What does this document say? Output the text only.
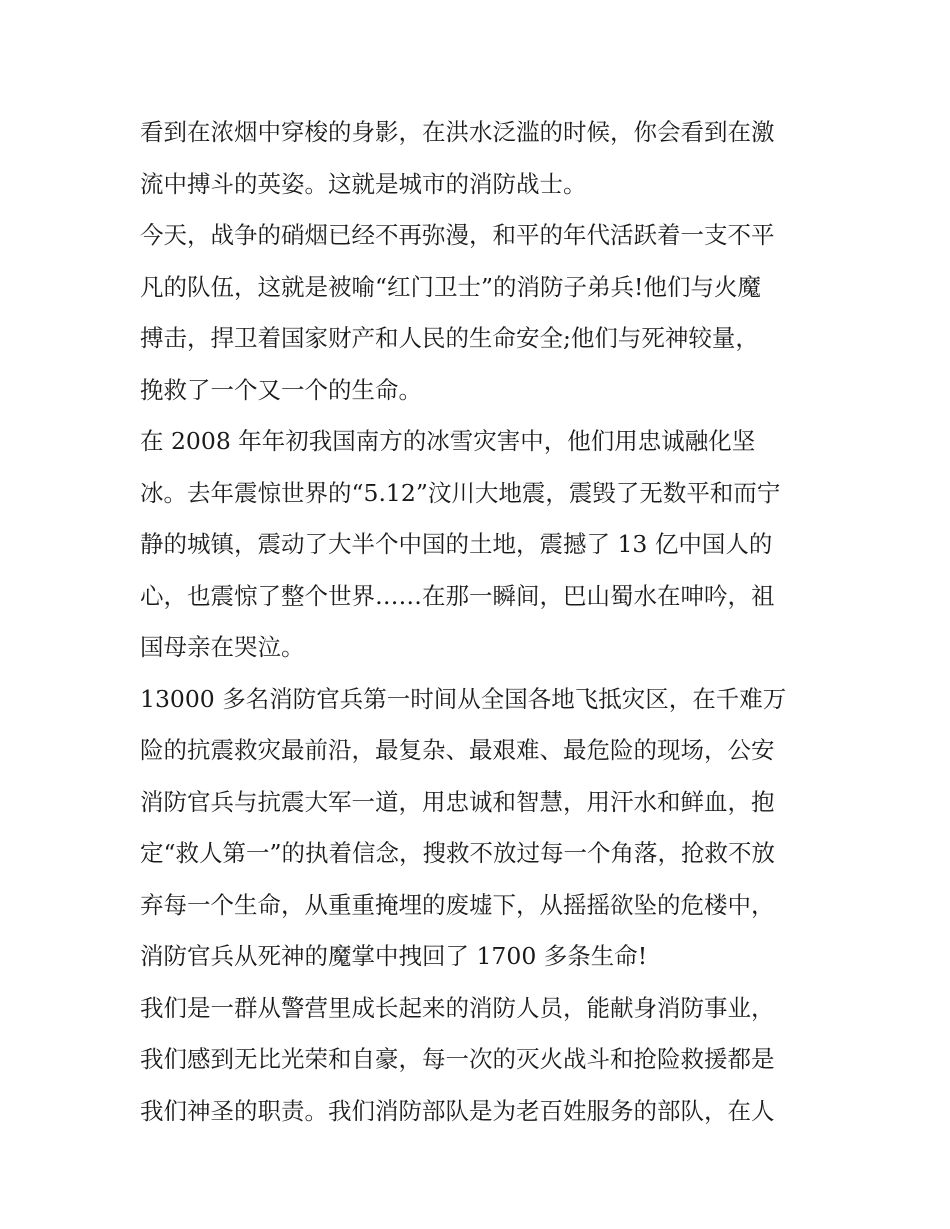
看到在浓烟中穿梭的身影，在洪水泛滥的时候，你会看到在激
流中搏斗的英姿。这就是城市的消防战士。
今天，战争的硝烟已经不再弥漫，和平的年代活跃着一支不平
凡的队伍，这就是被喻“红门卫士”的消防子弟兵!他们与火魔
搏击，捍卫着国家财产和人民的生命安全;他们与死神较量，
挽救了一个又一个的生命。
在 2008 年年初我国南方的冰雪灾害中，他们用忠诚融化坚
冰。去年震惊世界的“5.12”汶川大地震，震毁了无数平和而宁
静的城镇，震动了大半个中国的土地，震撼了 13 亿中国人的
心，也震惊了整个世界……在那一瞬间，巴山蜀水在呻吟，祖
国母亲在哭泣。
13000 多名消防官兵第一时间从全国各地飞抵灾区，在千难万
险的抗震救灾最前沿，最复杂、最艰难、最危险的现场，公安
消防官兵与抗震大军一道，用忠诚和智慧，用汗水和鲜血，抱
定“救人第一”的执着信念，搜救不放过每一个角落，抢救不放
弃每一个生命，从重重掩埋的废墟下，从摇摇欲坠的危楼中，
消防官兵从死神的魔掌中拽回了 1700 多条生命!
我们是一群从警营里成长起来的消防人员，能献身消防事业，
我们感到无比光荣和自豪，每一次的灭火战斗和抢险救援都是
我们神圣的职责。我们消防部队是为老百姓服务的部队，在人
